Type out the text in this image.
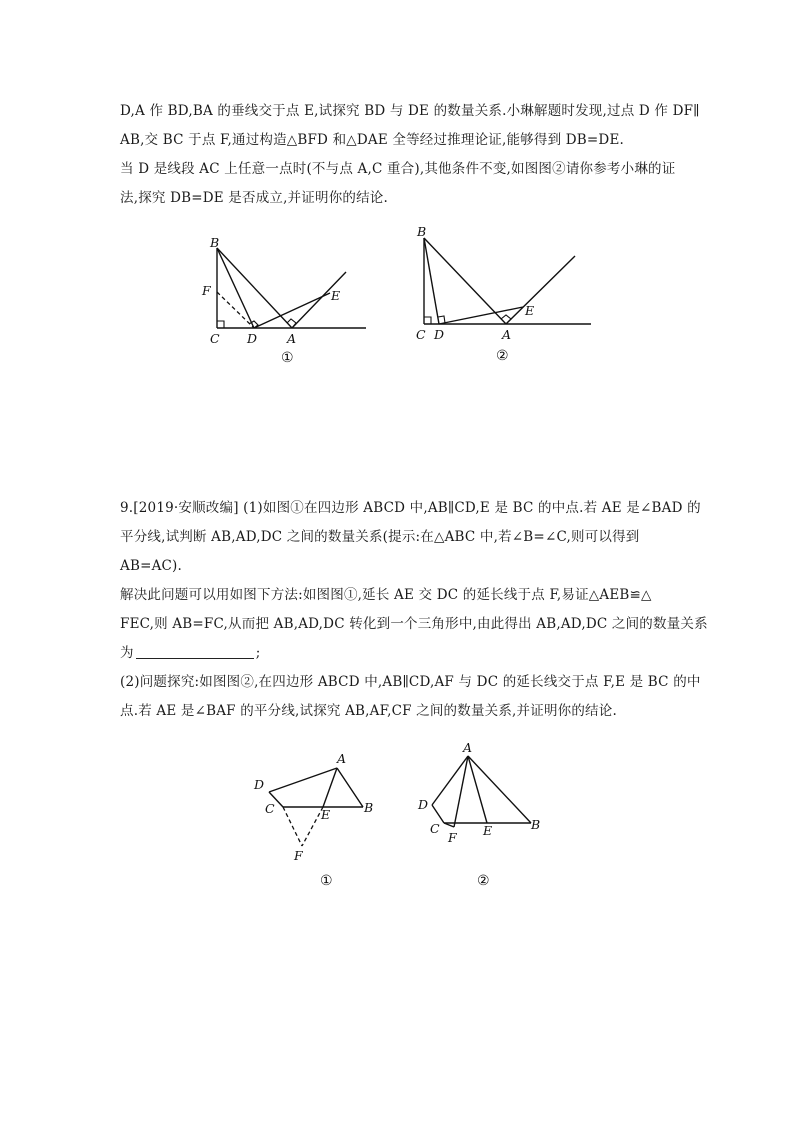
D,A 作 BD,BA 的垂线交于点 E,试探究 BD 与 DE 的数量关系.小琳解题时发现,过点 D 作 DF∥
AB,交 BC 于点 F,通过构造△BFD 和△DAE 全等经过推理论证,能够得到 DB=DE.
当 D 是线段 AC 上任意一点时(不与点 A,C 重合),其他条件不变,如图图②请你参考小琳的证
法,探究 DB=DE 是否成立,并证明你的结论.
B
F
C D A
E
①
B
C D	A
E
②
9.[2019·安顺改编] (1)如图①在四边形 ABCD 中,AB∥CD,E 是 BC 的中点.若 AE 是∠BAD 的
平分线,试判断 AB,AD,DC 之间的数量关系(提示:在△ABC 中,若∠B=∠C,则可以得到
AB=AC).
解决此问题可以用如图下方法:如图图①,延长 AE 交 DC 的延长线于点 F,易证△AEB≌△
FEC,则 AB=FC,从而把 AB,AD,DC 转化到一个三角形中,由此得出 AB,AD,DC 之间的数量关系
为	;
(2)问题探究:如图图②,在四边形 ABCD 中,AB∥CD,AF 与 DC 的延长线交于点 F,E 是 BC 的中
点.若 AE 是∠BAF 的平分线,试探究 AB,AF,CF 之间的数量关系,并证明你的结论.
A
D
C	E	B
F
①
A
D
C
F E	B
②
